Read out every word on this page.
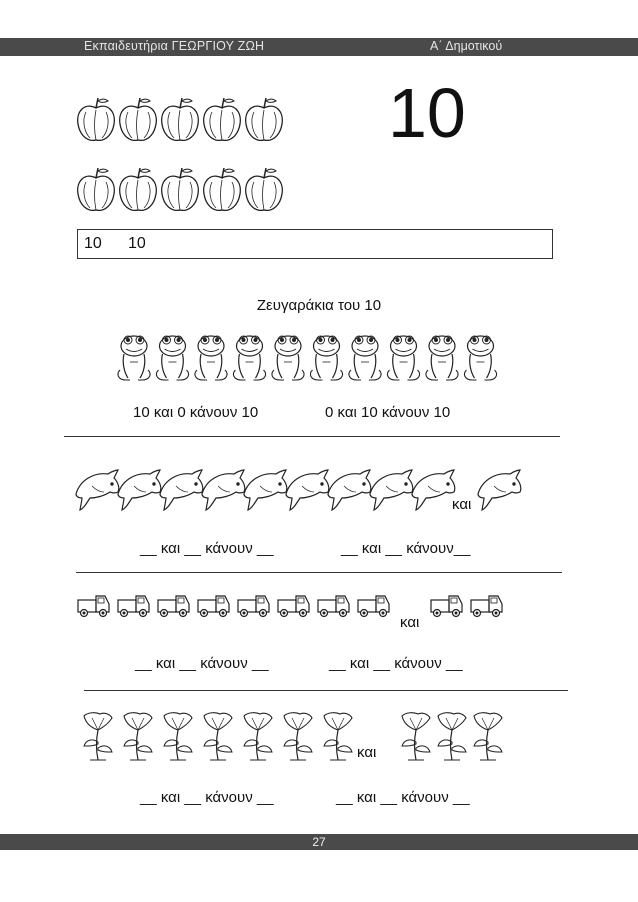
Εκπαιδευτήρια ΓΕΩΡΓΙΟΥ ΖΩΗ	Α΄ Δημοτικού
10
10 10
Ζευγαράκια του 10
10 και 0 κάνουν 10	0 και 10 κάνουν 10
και
__ και __ κάνουν __	__ και __ κάνουν__
και
__ και __ κάνουν __	__ και __ κάνουν __
και
__ και __ κάνουν __	__ και __ κάνουν __
27
